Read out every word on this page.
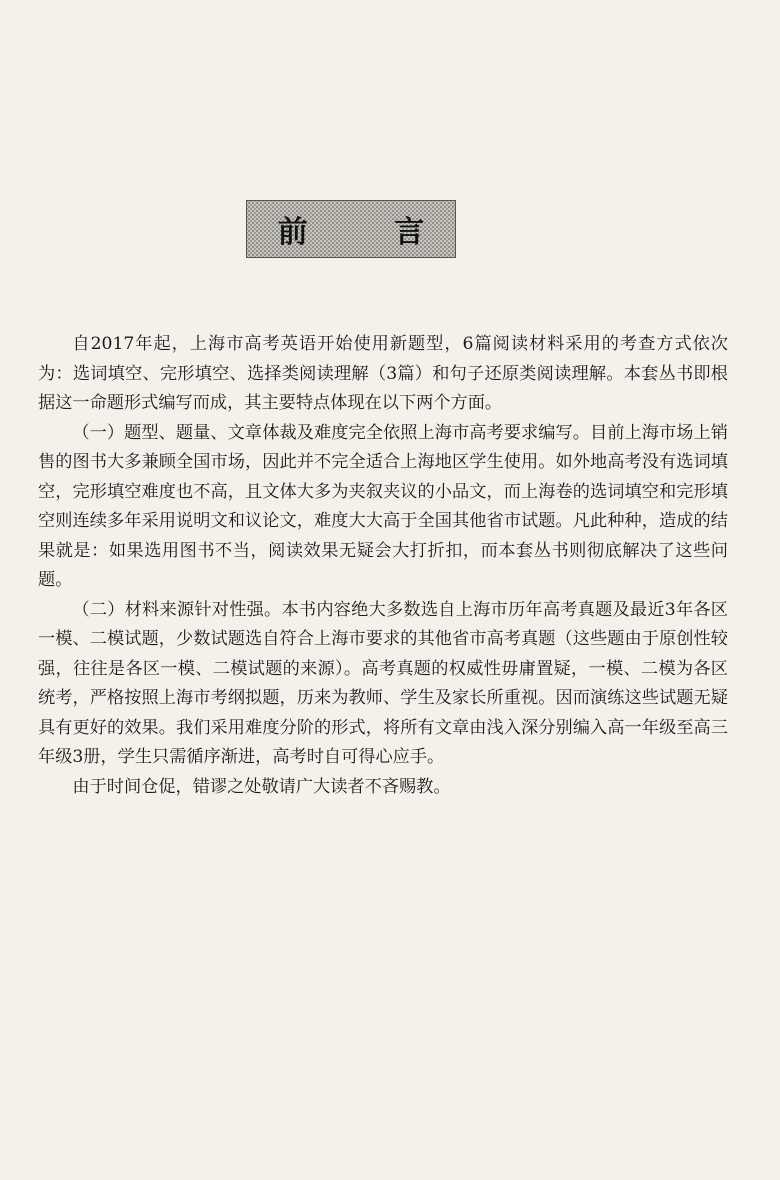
前 言

自2017年起，上海市高考英语开始使用新题型，6篇阅读材料采用的考查方式依次为：选词填空、完形填空、选择类阅读理解（3篇）和句子还原类阅读理解。本套丛书即根据这一命题形式编写而成，其主要特点体现在以下两个方面。

（一）题型、题量、文章体裁及难度完全依照上海市高考要求编写。目前上海市场上销售的图书大多兼顾全国市场，因此并不完全适合上海地区学生使用。如外地高考没有选词填空，完形填空难度也不高，且文体大多为夹叙夹议的小品文，而上海卷的选词填空和完形填空则连续多年采用说明文和议论文，难度大大高于全国其他省市试题。凡此种种，造成的结果就是：如果选用图书不当，阅读效果无疑会大打折扣，而本套丛书则彻底解决了这些问题。

（二）材料来源针对性强。本书内容绝大多数选自上海市历年高考真题及最近3年各区一模、二模试题，少数试题选自符合上海市要求的其他省市高考真题（这些题由于原创性较强，往往是各区一模、二模试题的来源）。高考真题的权威性毋庸置疑，一模、二模为各区统考，严格按照上海市考纲拟题，历来为教师、学生及家长所重视。因而演练这些试题无疑具有更好的效果。我们采用难度分阶的形式，将所有文章由浅入深分别编入高一年级至高三年级3册，学生只需循序渐进，高考时自可得心应手。

由于时间仓促，错谬之处敬请广大读者不吝赐教。
